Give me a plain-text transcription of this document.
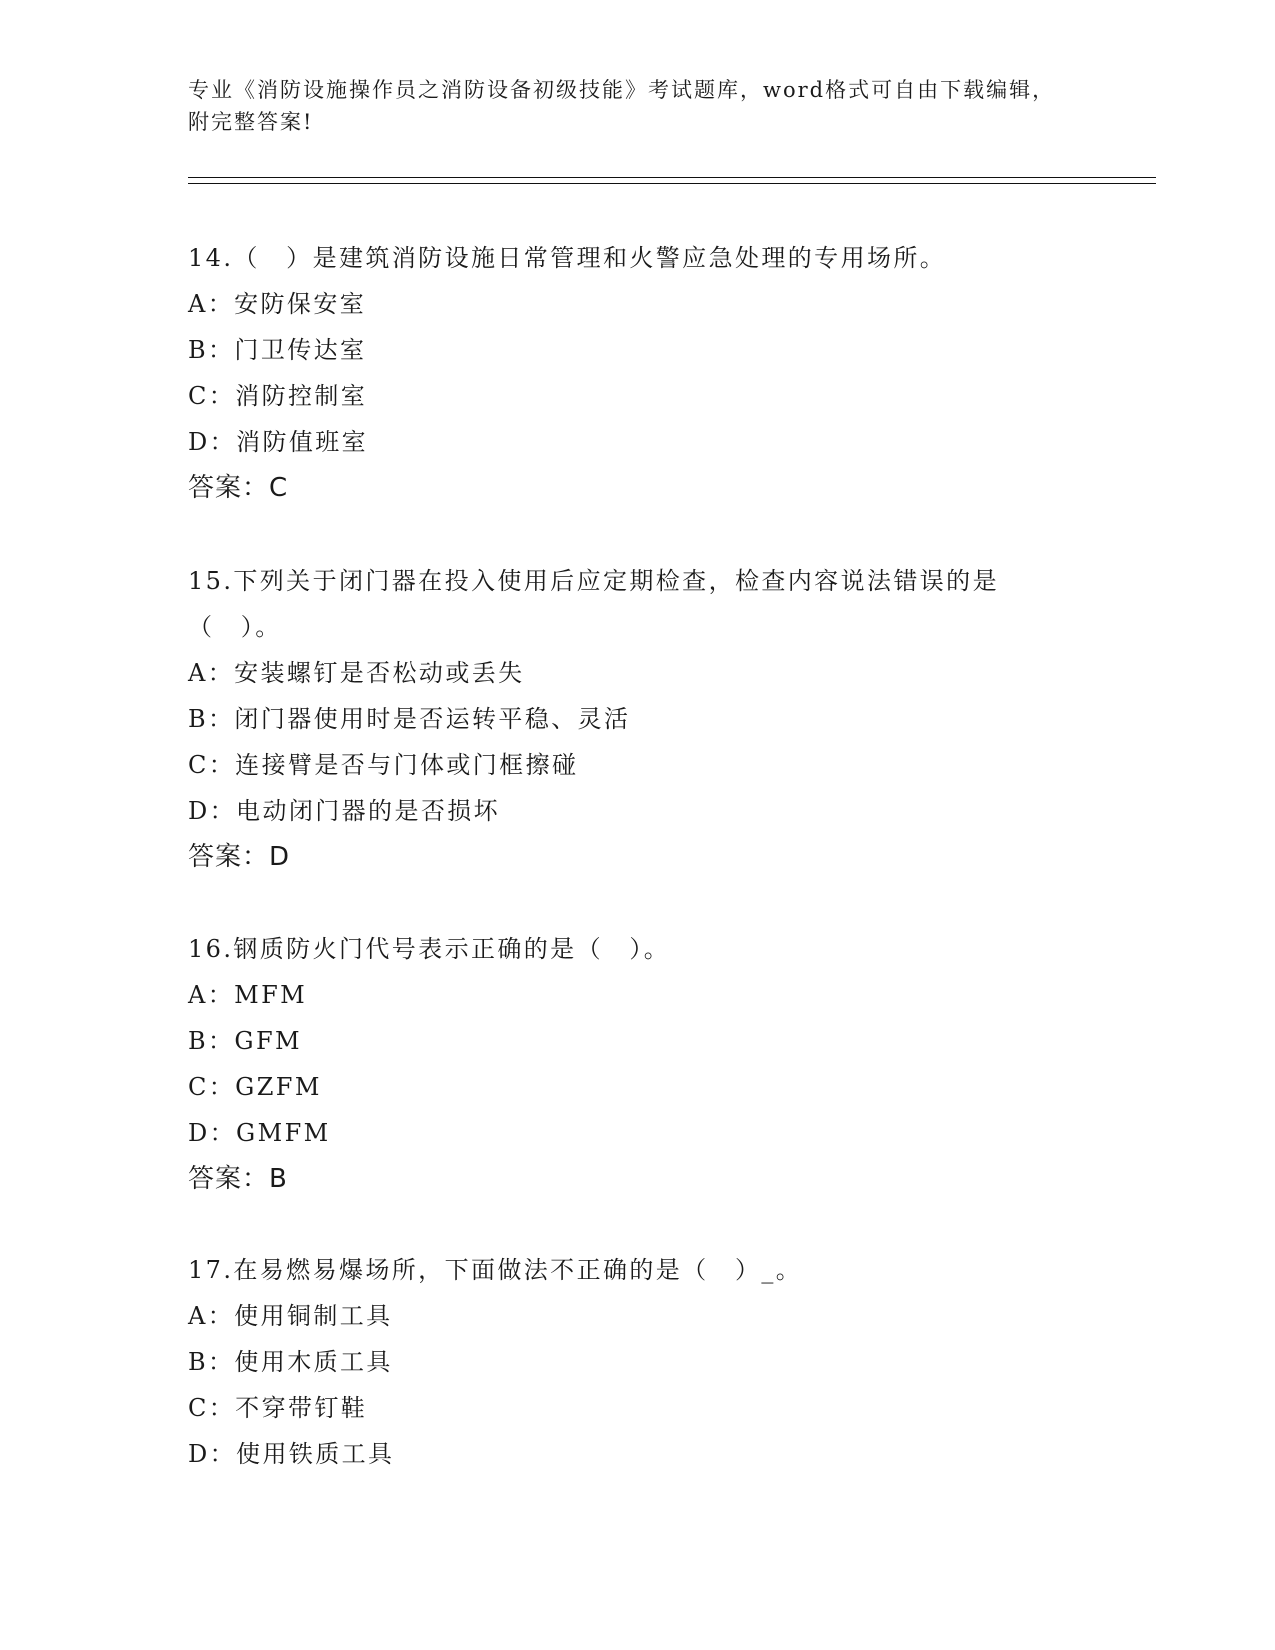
专业《消防设施操作员之消防设备初级技能》考试题库，word格式可自由下载编辑，附完整答案!

14.（　）是建筑消防设施日常管理和火警应急处理的专用场所。

A：安防保安室

B：门卫传达室

C：消防控制室

D：消防值班室

答案：C

15.下列关于闭门器在投入使用后应定期检查，检查内容说法错误的是（　）。

A：安装螺钉是否松动或丢失

B：闭门器使用时是否运转平稳、灵活

C：连接臂是否与门体或门框擦碰

D：电动闭门器的是否损坏

答案：D

16.钢质防火门代号表示正确的是（　）。

A：MFM

B：GFM

C：GZFM

D：GMFM

答案：B

17.在易燃易爆场所，下面做法不正确的是（　）_。

A：使用铜制工具

B：使用木质工具

C：不穿带钉鞋

D：使用铁质工具
